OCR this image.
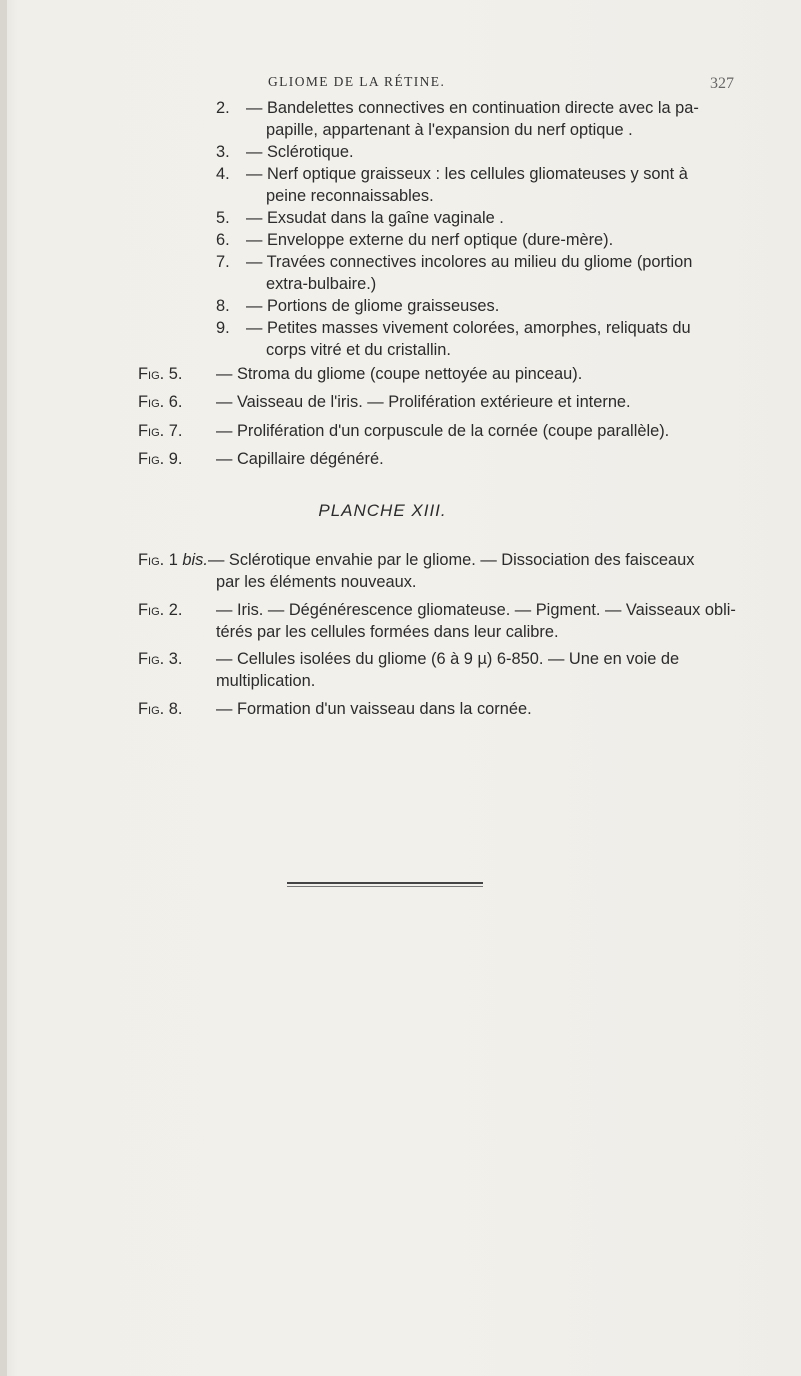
GLIOME DE LA RÉTINE.	327
2. — Bandelettes connectives en continuation directe avec la pa-
papille, appartenant à l'expansion du nerf optique .
3. — Sclérotique.
4. — Nerf optique graisseux : les cellules gliomateuses y sont à
peine reconnaissables.
5. — Exsudat dans la gaîne vaginale .
6. — Enveloppe externe du nerf optique (dure-mère).
7. — Travées connectives incolores au milieu du gliome (portion
extra-bulbaire.)
8. — Portions de gliome graisseuses.
9. — Petites masses vivement colorées, amorphes, reliquats du
corps vitré et du cristallin.
Fig. 5. — Stroma du gliome (coupe nettoyée au pinceau).
Fig. 6. — Vaisseau de l'iris. — Prolifération extérieure et interne.
Fig. 7. — Prolifération d'un corpuscule de la cornée (coupe parallèle).
Fig. 9. — Capillaire dégénéré.
PLANCHE XIII.
Fig. 1 bis.— Sclérotique envahie par le gliome. — Dissociation des faisceaux
par les éléments nouveaux.
Fig. 2. — Iris. — Dégénérescence gliomateuse. — Pigment. — Vaisseaux obli-
térés par les cellules formées dans leur calibre.
Fig. 3. — Cellules isolées du gliome (6 à 9 µ) 6-850. — Une en voie de
multiplication.
Fig. 8. — Formation d'un vaisseau dans la cornée.
